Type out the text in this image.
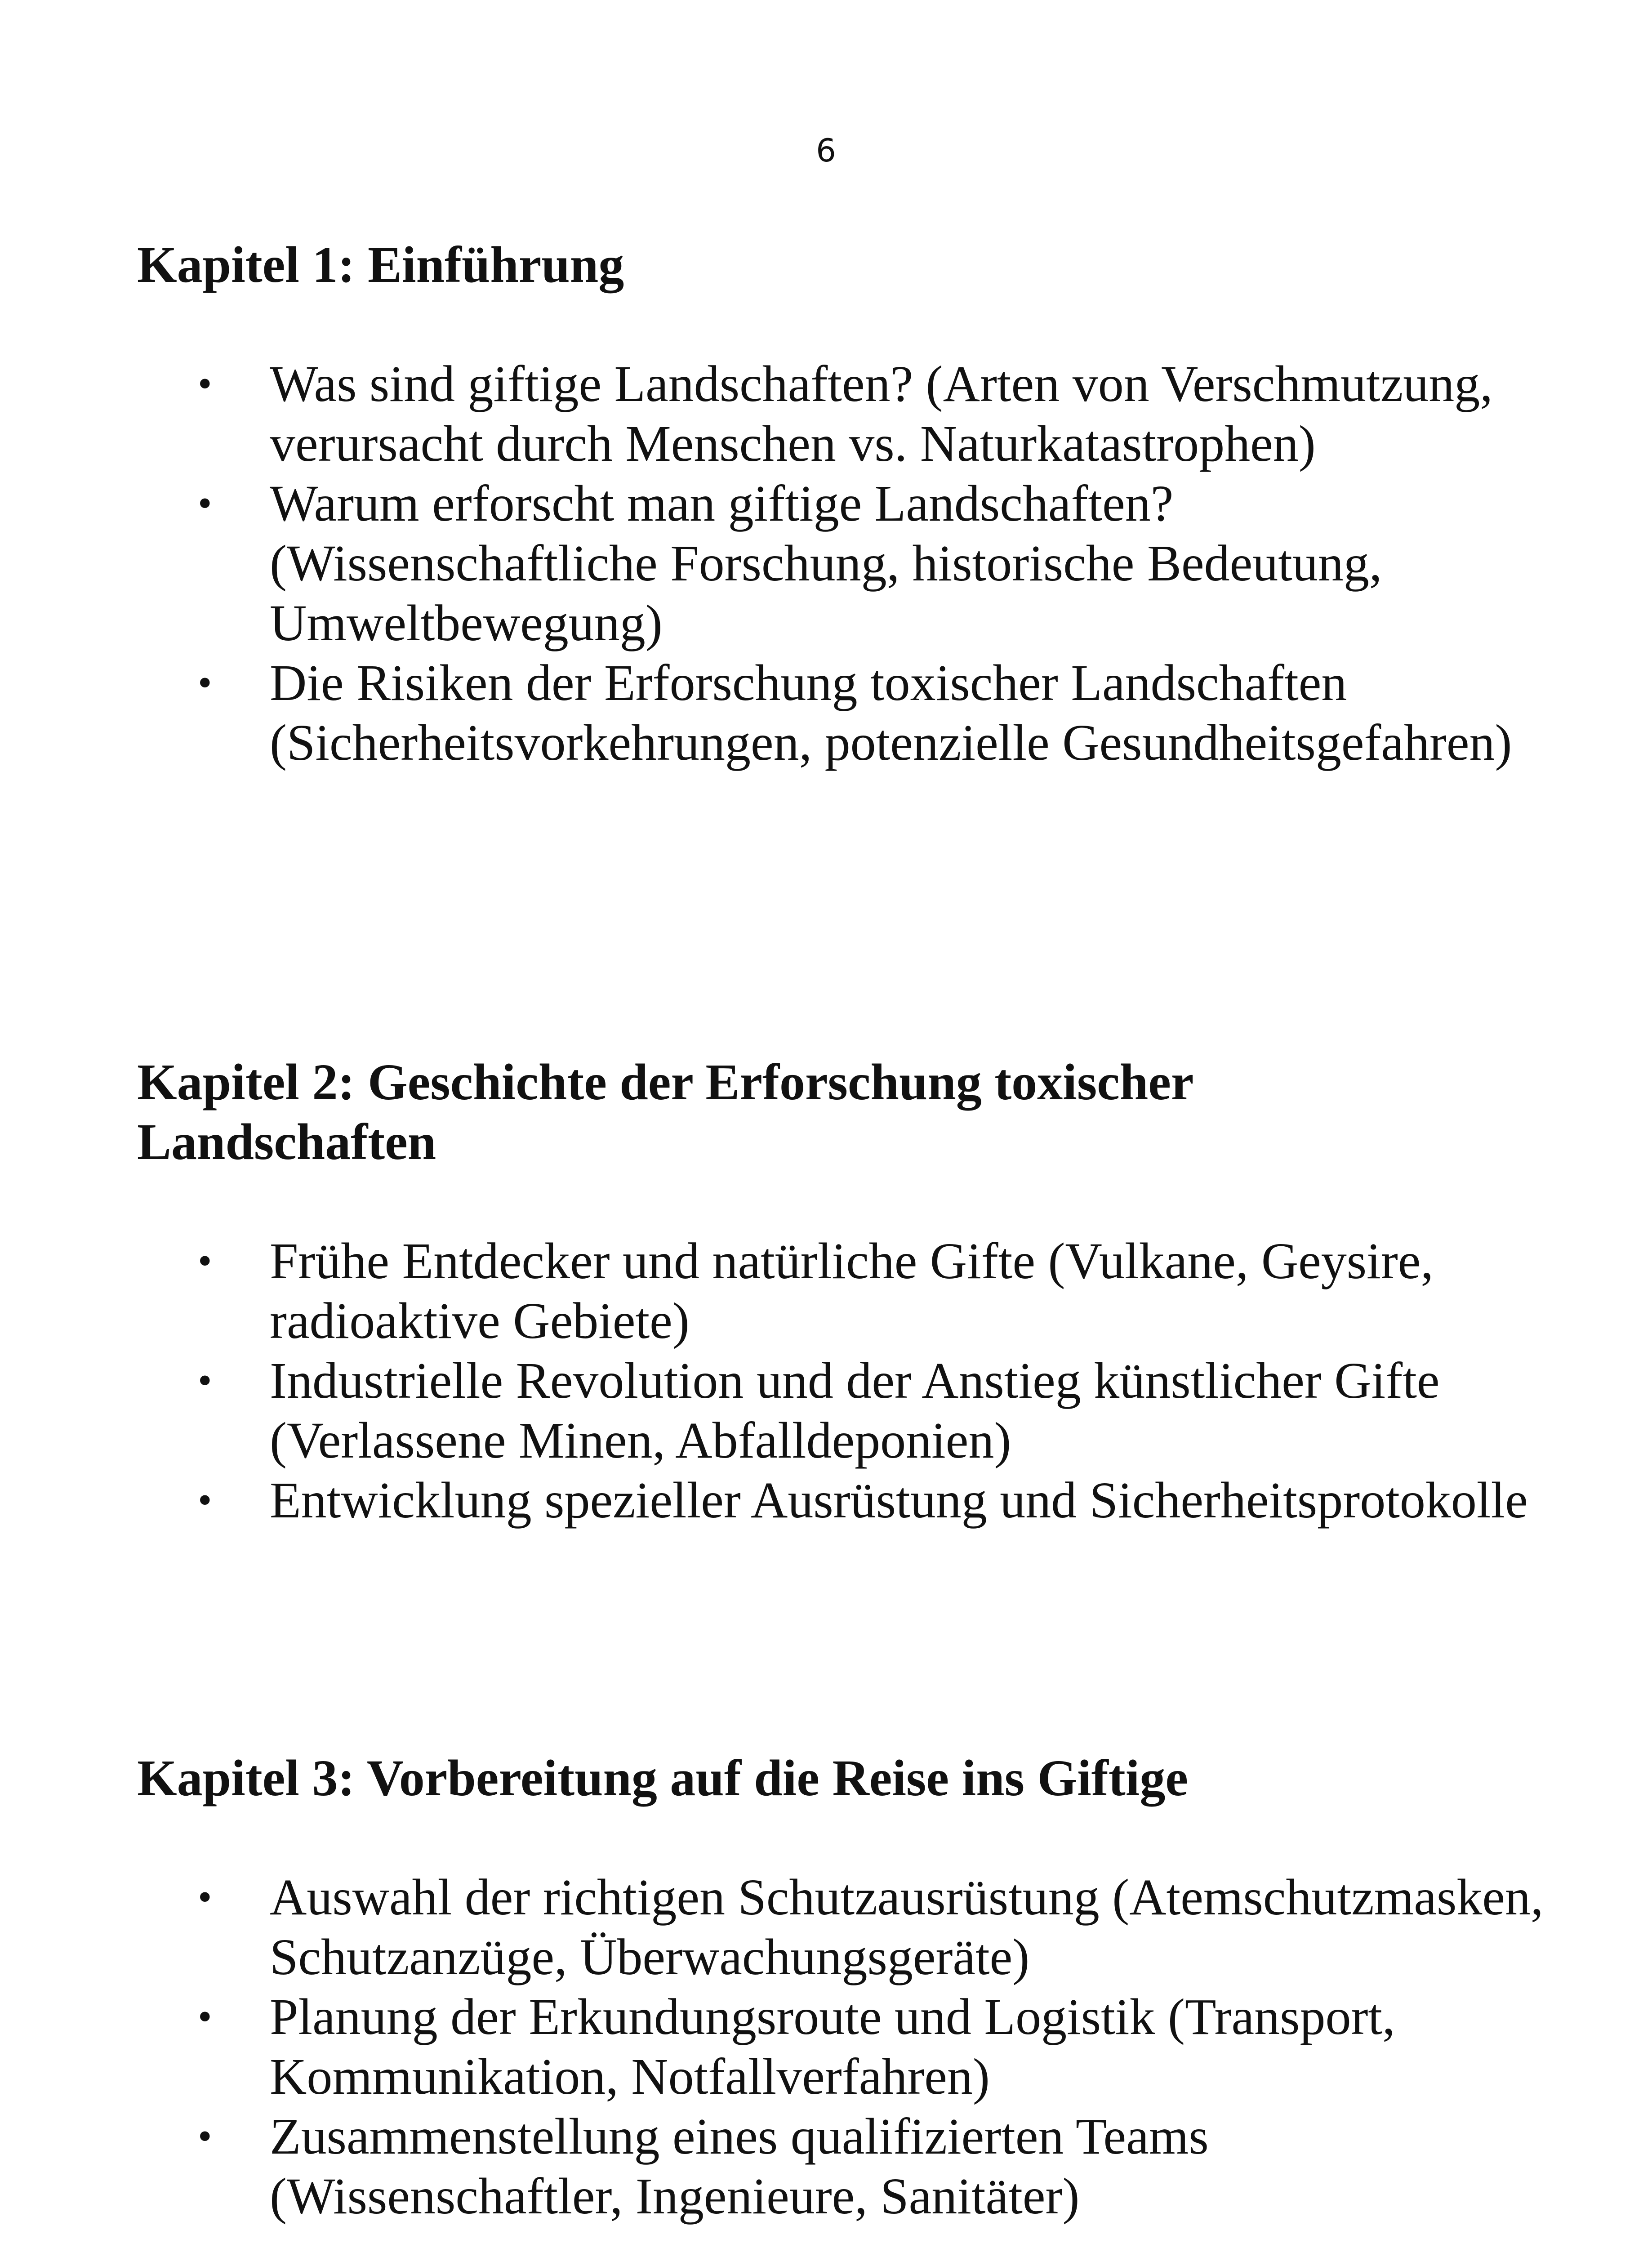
6
Kapitel 1: Einführung
• Was sind giftige Landschaften? (Arten von Verschmutzung, verursacht durch Menschen vs. Naturkatastrophen)
• Warum erforscht man giftige Landschaften? (Wissenschaftliche Forschung, historische Bedeutung, Umweltbewegung)
• Die Risiken der Erforschung toxischer Landschaften (Sicherheitsvorkehrungen, potenzielle Gesundheitsgefahren)
Kapitel 2: Geschichte der Erforschung toxischer Landschaften
• Frühe Entdecker und natürliche Gifte (Vulkane, Geysire, radioaktive Gebiete)
• Industrielle Revolution und der Anstieg künstlicher Gifte (Verlassene Minen, Abfalldeponien)
• Entwicklung spezieller Ausrüstung und Sicherheitsprotokolle
Kapitel 3: Vorbereitung auf die Reise ins Giftige
• Auswahl der richtigen Schutzausrüstung (Atemschutzmasken, Schutzanzüge, Überwachungsgeräte)
• Planung der Erkundungsroute und Logistik (Transport, Kommunikation, Notfallverfahren)
• Zusammenstellung eines qualifizierten Teams (Wissenschaftler, Ingenieure, Sanitäter)
